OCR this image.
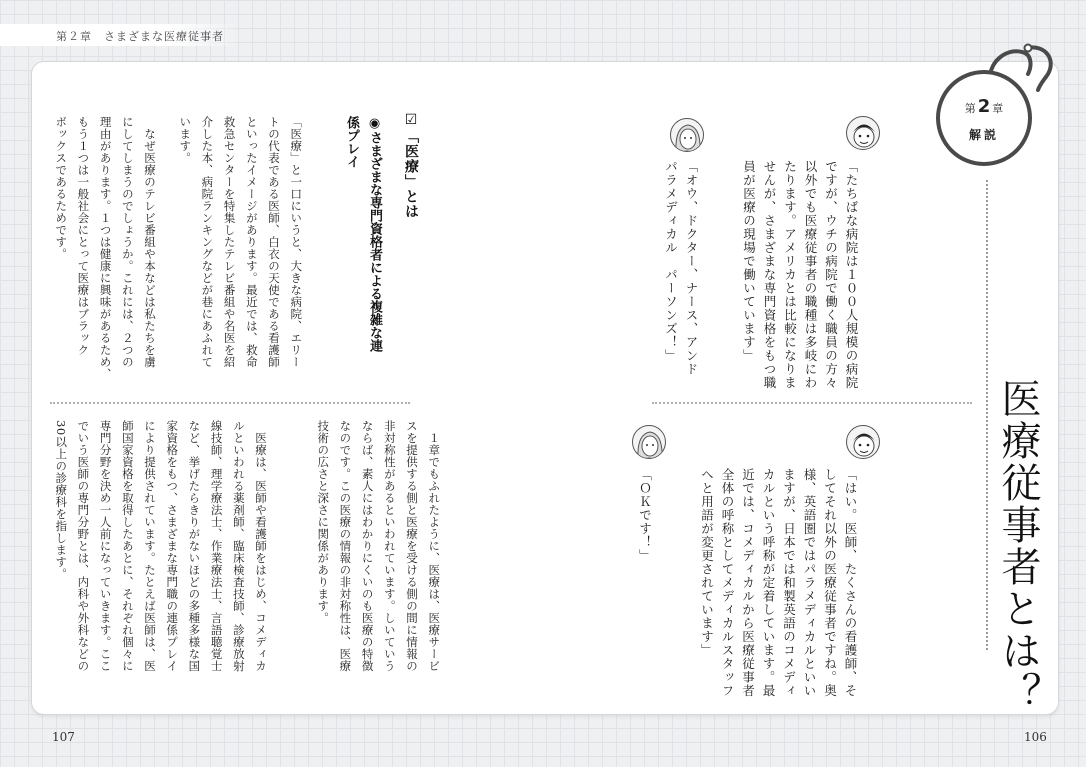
第２章　さまざまな医療従事者
第 2 章
解説
医療従事者とは？
「たちばな病院は１００人規模の病院
ですが、ウチの病院で働く職員の方々
以外でも医療従事者の職種は多岐にわ
たります。アメリカとは比較になりま
せんが、さまざまな専門資格をもつ職
員が医療の現場で働いています」
「オウ、ドクター、ナース、アンド
パラメディカル　パーソンズ！」
「はい。医師、たくさんの看護師、そ
してそれ以外の医療従事者ですね。奥
様、英語圏ではパラメディカルといい
ますが、日本では和製英語のコメディ
カルという呼称が定着しています。最
近では、コメディカルから医療従事者
全体の呼称としてメディカルスタッフ
へと用語が変更されています」
「ＯＫです！」
☑「医療」とは
◉さまざまな専門資格者による複雑な連
係プレイ
「医療」と一口にいうと、大きな病院、エリー
トの代表である医師、白衣の天使である看護師
といったイメージがあります。最近では、救命
救急センターを特集したテレビ番組や名医を紹
介した本、病院ランキングなどが巷にあふれて
います。
　なぜ医療のテレビ番組や本などは私たちを虜
にしてしまうのでしょうか。これには、２つの
理由があります。１つは健康に興味があるため、
もう１つは一般社会にとって医療はブラック
ボックスであるためです。
　１章でもふれたように、医療は、医療サービ
スを提供する側と医療を受ける側の間に情報の
非対称性があるといわれています。しいていう
ならば、素人にはわかりにくいのも医療の特徴
なのです。この医療の情報の非対称性は、医療
技術の広さと深さに関係があります。
　医療は、医師や看護師をはじめ、コメディカ
ルといわれる薬剤師、臨床検査技師、診療放射
線技師、理学療法士、作業療法士、言語聴覚士
など、挙げたらきりがないほどの多種多様な国
家資格をもつ、さまざまな専門職の連係プレイ
により提供されています。たとえば医師は、医
師国家資格を取得したあとに、それぞれ個々に
専門分野を決め一人前になっていきます。ここ
でいう医師の専門分野とは、内科や外科などの
30以上の診療科を指します。
107	106
